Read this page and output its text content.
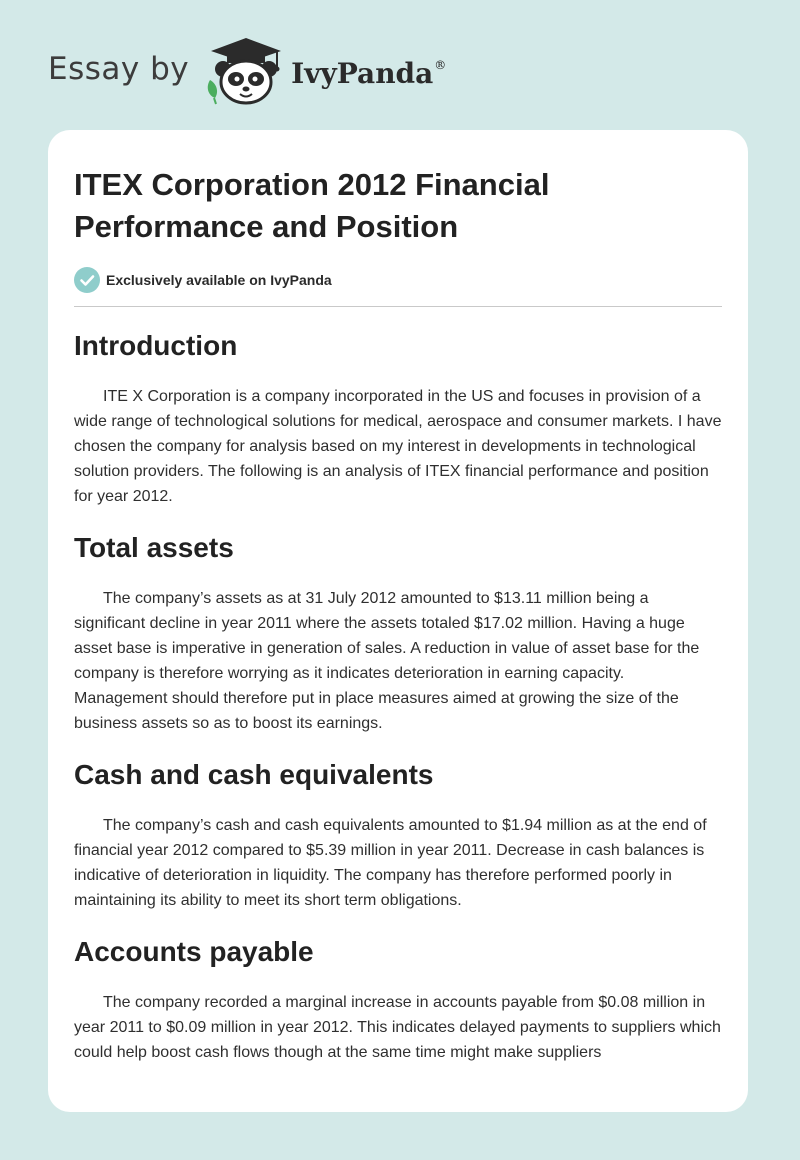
Essay by	IvyPanda®
ITEX Corporation 2012 Financial Performance and Position
Exclusively available on IvyPanda
Introduction

ITE X Corporation is a company incorporated in the US and focuses in provision of a wide range of technological solutions for medical, aerospace and consumer markets. I have chosen the company for analysis based on my interest in developments in technological solution providers. The following is an analysis of ITEX financial performance and position for year 2012.

Total assets

The company’s assets as at 31 July 2012 amounted to $13.11 million being a significant decline in year 2011 where the assets totaled $17.02 million. Having a huge asset base is imperative in generation of sales. A reduction in value of asset base for the company is therefore worrying as it indicates deterioration in earning capacity. Management should therefore put in place measures aimed at growing the size of the business assets so as to boost its earnings.

Cash and cash equivalents

The company’s cash and cash equivalents amounted to $1.94 million as at the end of financial year 2012 compared to $5.39 million in year 2011. Decrease in cash balances is indicative of deterioration in liquidity. The company has therefore performed poorly in maintaining its ability to meet its short term obligations.

Accounts payable

The company recorded a marginal increase in accounts payable from $0.08 million in year 2011 to $0.09 million in year 2012. This indicates delayed payments to suppliers which could help boost cash flows though at the same time might make suppliers
